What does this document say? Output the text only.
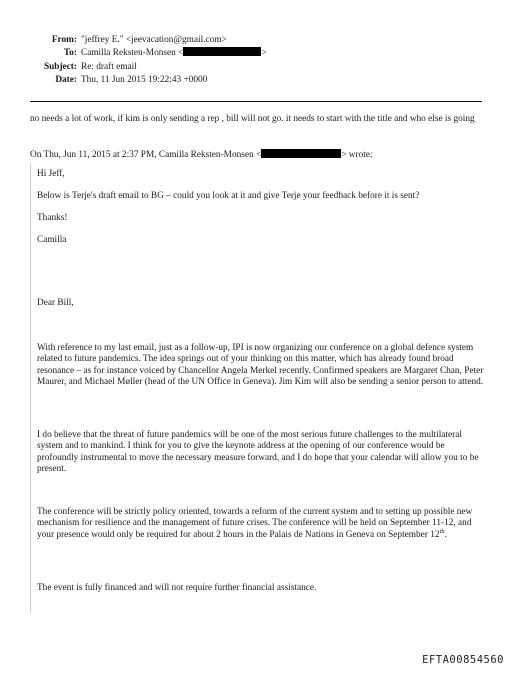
From: "jeffrey E." <jeevacation@gmail.com>
To: Camilla Reksten-Monsen <	>
Subject: Re: draft email
Date: Thu, 11 Jun 2015 19:22:43 +0000
no needs a lot of work, if kim is only sending a rep , bill will not go. it needs to start with the title and who else is going
On Thu, Jun 11, 2015 at 2:37 PM, Camilla Reksten-Monsen <	> wrote:
Hi Jeff,
Below is Terje's draft email to BG – could you look at it and give Terje your feedback before it is sent?
Thanks!
Camilla
Dear Bill,
With reference to my last email, just as a follow-up, IPI is now organizing our conference on a global defence system related to future pandemics. The idea springs out of your thinking on this matter, which has already found broad resonance – as for instance voiced by Chancellor Angela Merkel recently. Confirmed speakers are Margaret Chan, Peter Maurer, and Michael Møller (head of the UN Office in Geneva). Jim Kim will also be sending a senior person to attend.
I do believe that the threat of future pandemics will be one of the most serious future challenges to the multilateral system and to mankind. I think for you to give the keynote address at the opening of our conference would be profoundly instrumental to move the necessary measure forward, and I do hope that your calendar will allow you to be present.
The conference will be strictly policy oriented, towards a reform of the current system and to setting up possible new mechanism for resilience and the management of future crises. The conference will be held on September 11-12, and your presence would only be required for about 2 hours in the Palais de Nations in Geneva on September 12th.
The event is fully financed and will not require further financial assistance.
EFTA00854560
